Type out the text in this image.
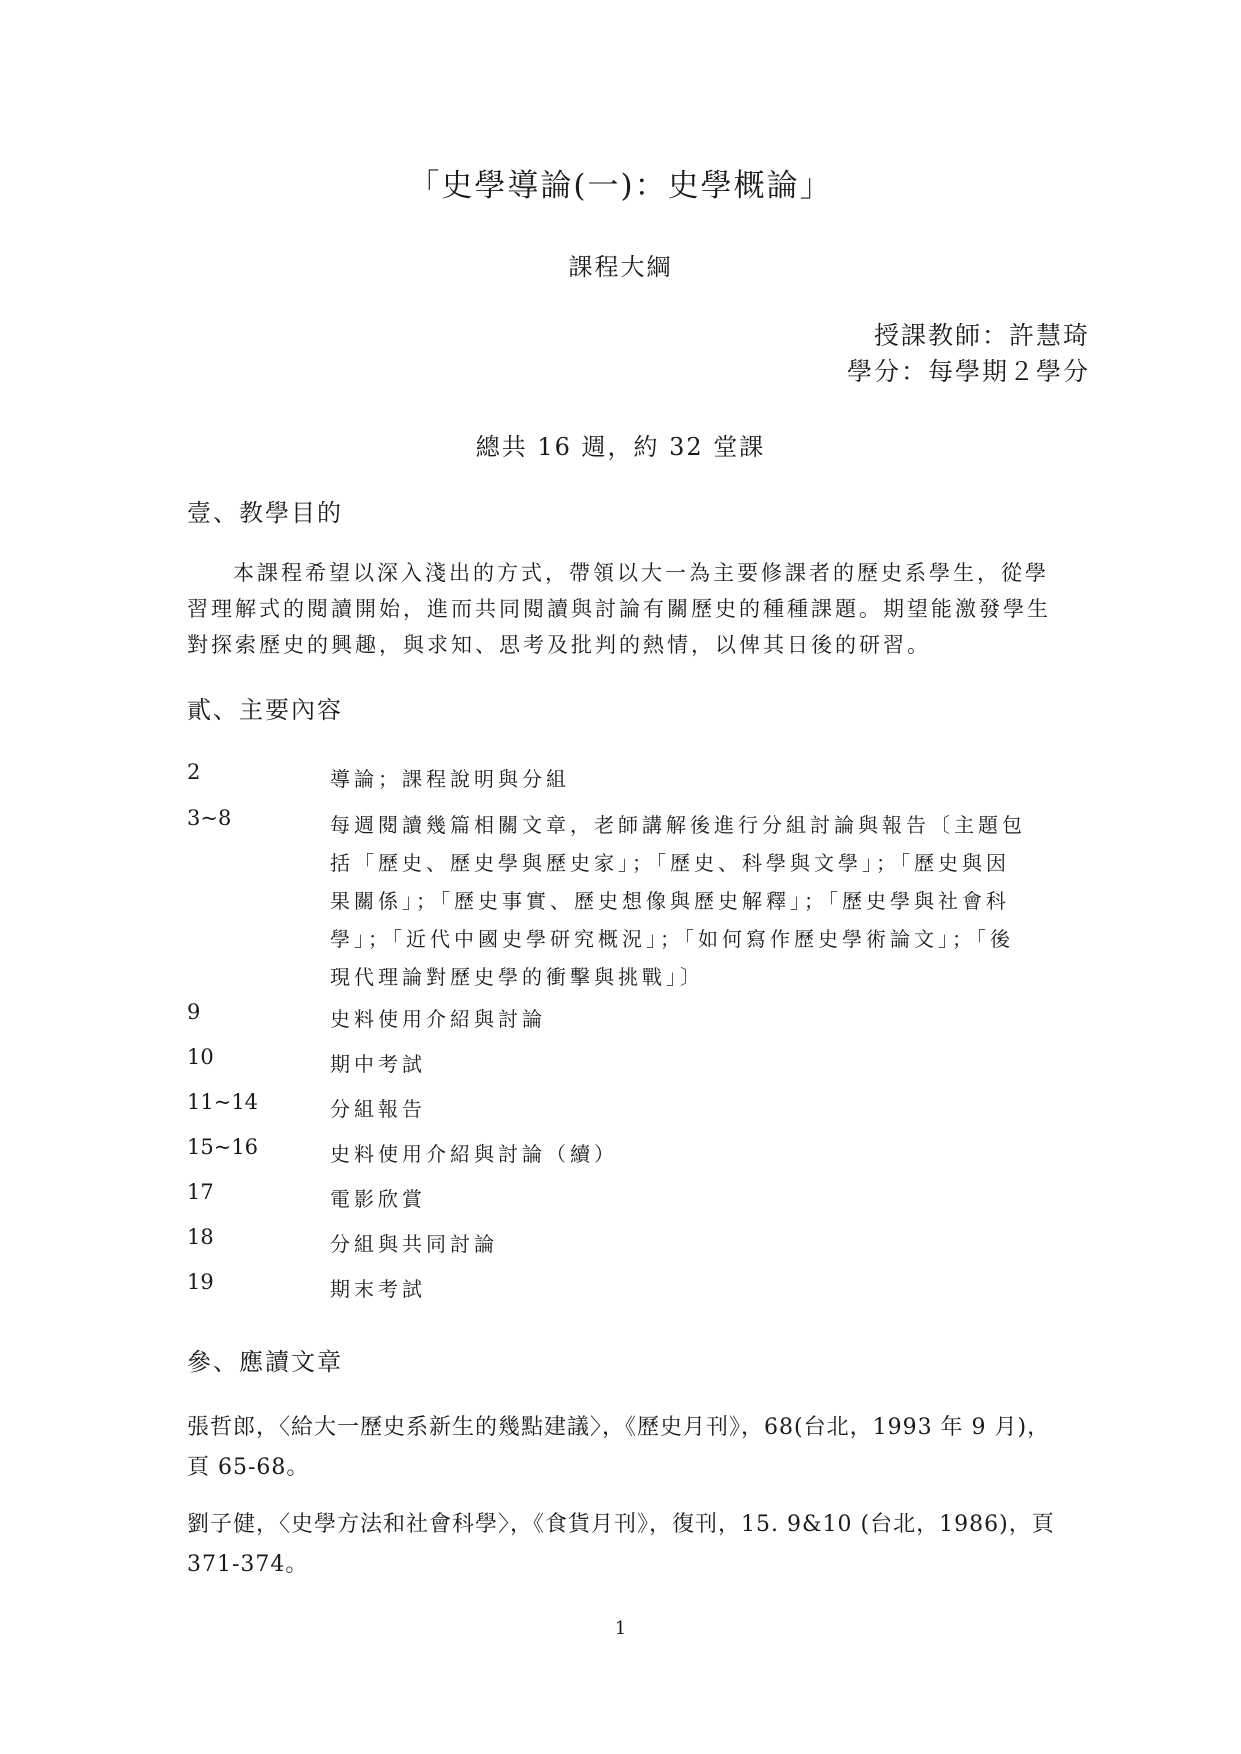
「史學導論(一)：史學概論」
課程大綱
授課教師：許慧琦
學分：每學期２學分
總共 16 週，約 32 堂課
壹、教學目的

本課程希望以深入淺出的方式，帶領以大一為主要修課者的歷史系學生，從學習理解式的閱讀開始，進而共同閱讀與討論有關歷史的種種課題。期望能激發學生對探索歷史的興趣，與求知、思考及批判的熱情，以俾其日後的研習。

貳、主要內容
2	導論；課程說明與分組
3~8	每週閱讀幾篇相關文章，老師講解後進行分組討論與報告〔主題包括「歷史、歷史學與歷史家」；「歷史、科學與文學」；「歷史與因果關係」；「歷史事實、歷史想像與歷史解釋」；「歷史學與社會科學」；「近代中國史學研究概況」；「如何寫作歷史學術論文」；「後現代理論對歷史學的衝擊與挑戰」〕
9	史料使用介紹與討論
10	期中考試
11~14	分組報告
15~16	史料使用介紹與討論（續）
17	電影欣賞
18	分組與共同討論
19	期末考試
參、應讀文章

張哲郎，〈給大一歷史系新生的幾點建議〉，《歷史月刊》，68(台北，1993 年 9 月)，頁 65-68。

劉子健，〈史學方法和社會科學〉，《食貨月刊》，復刊，15. 9&10 (台北，1986)，頁 371-374。

1
